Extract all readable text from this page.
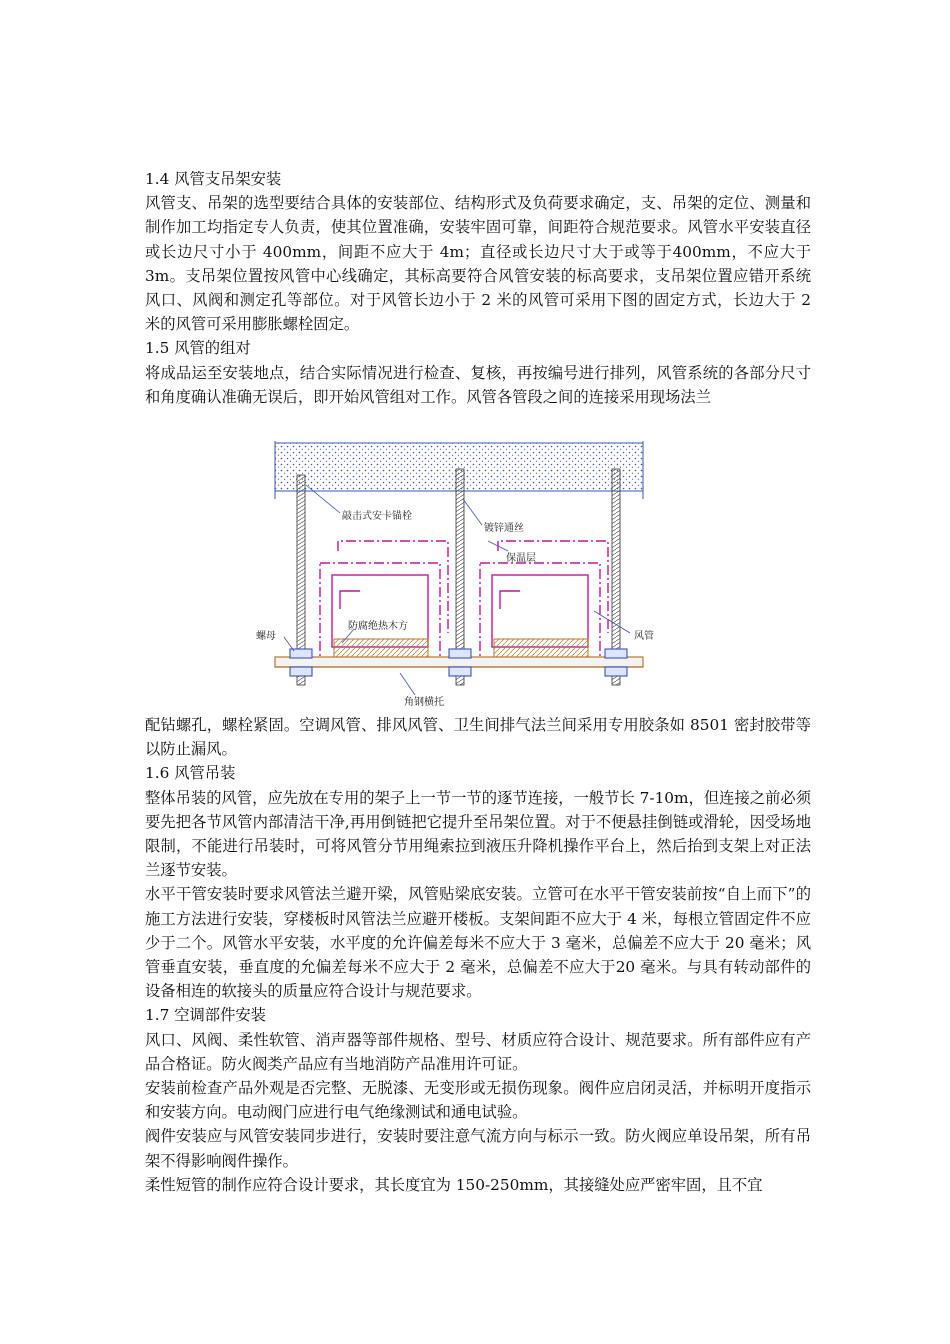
1.4 风管支吊架安装

风管支、吊架的选型要结合具体的安装部位、结构形式及负荷要求确定，支、吊架的定位、测量和制作加工均指定专人负责，使其位置准确，安装牢固可靠，间距符合规范要求。风管水平安装直径或长边尺寸小于 400mm，间距不应大于 4m；直径或长边尺寸大于或等于400mm，不应大于 3m。支吊架位置按风管中心线确定，其标高要符合风管安装的标高要求，支吊架位置应错开系统风口、风阀和测定孔等部位。对于风管长边小于 2 米的风管可采用下图的固定方式，长边大于 2 米的风管可采用膨胀螺栓固定。

1.5 风管的组对

将成品运至安装地点，结合实际情况进行检查、复核，再按编号进行排列，风管系统的各部分尺寸和角度确认准确无误后，即开始风管组对工作。风管各管段之间的连接采用现场法兰

敲击式安卡锚栓
镀锌通丝
保温层
防腐绝热木方
螺母	风管
角钢横托

配钻螺孔，螺栓紧固。空调风管、排风风管、卫生间排气法兰间采用专用胶条如 8501 密封胶带等以防止漏风。

1.6 风管吊装

整体吊装的风管，应先放在专用的架子上一节一节的逐节连接，一般节长 7-10m，但连接之前必须要先把各节风管内部清洁干净,再用倒链把它提升至吊架位置。对于不便悬挂倒链或滑轮，因受场地限制，不能进行吊装时，可将风管分节用绳索拉到液压升降机操作平台上，然后抬到支架上对正法兰逐节安装。

水平干管安装时要求风管法兰避开梁，风管贴梁底安装。立管可在水平干管安装前按“自上而下”的施工方法进行安装，穿楼板时风管法兰应避开楼板。支架间距不应大于 4 米，每根立管固定件不应少于二个。风管水平安装，水平度的允许偏差每米不应大于 3 毫米，总偏差不应大于 20 毫米；风管垂直安装，垂直度的允偏差每米不应大于 2 毫米，总偏差不应大于20 毫米。与具有转动部件的设备相连的软接头的质量应符合设计与规范要求。

1.7 空调部件安装

风口、风阀、柔性软管、消声器等部件规格、型号、材质应符合设计、规范要求。所有部件应有产品合格证。防火阀类产品应有当地消防产品准用许可证。

安装前检查产品外观是否完整、无脱漆、无变形或无损伤现象。阀件应启闭灵活，并标明开度指示和安装方向。电动阀门应进行电气绝缘测试和通电试验。

阀件安装应与风管安装同步进行，安装时要注意气流方向与标示一致。防火阀应单设吊架，所有吊架不得影响阀件操作。

柔性短管的制作应符合设计要求，其长度宜为 150-250mm，其接缝处应严密牢固，且不宜
